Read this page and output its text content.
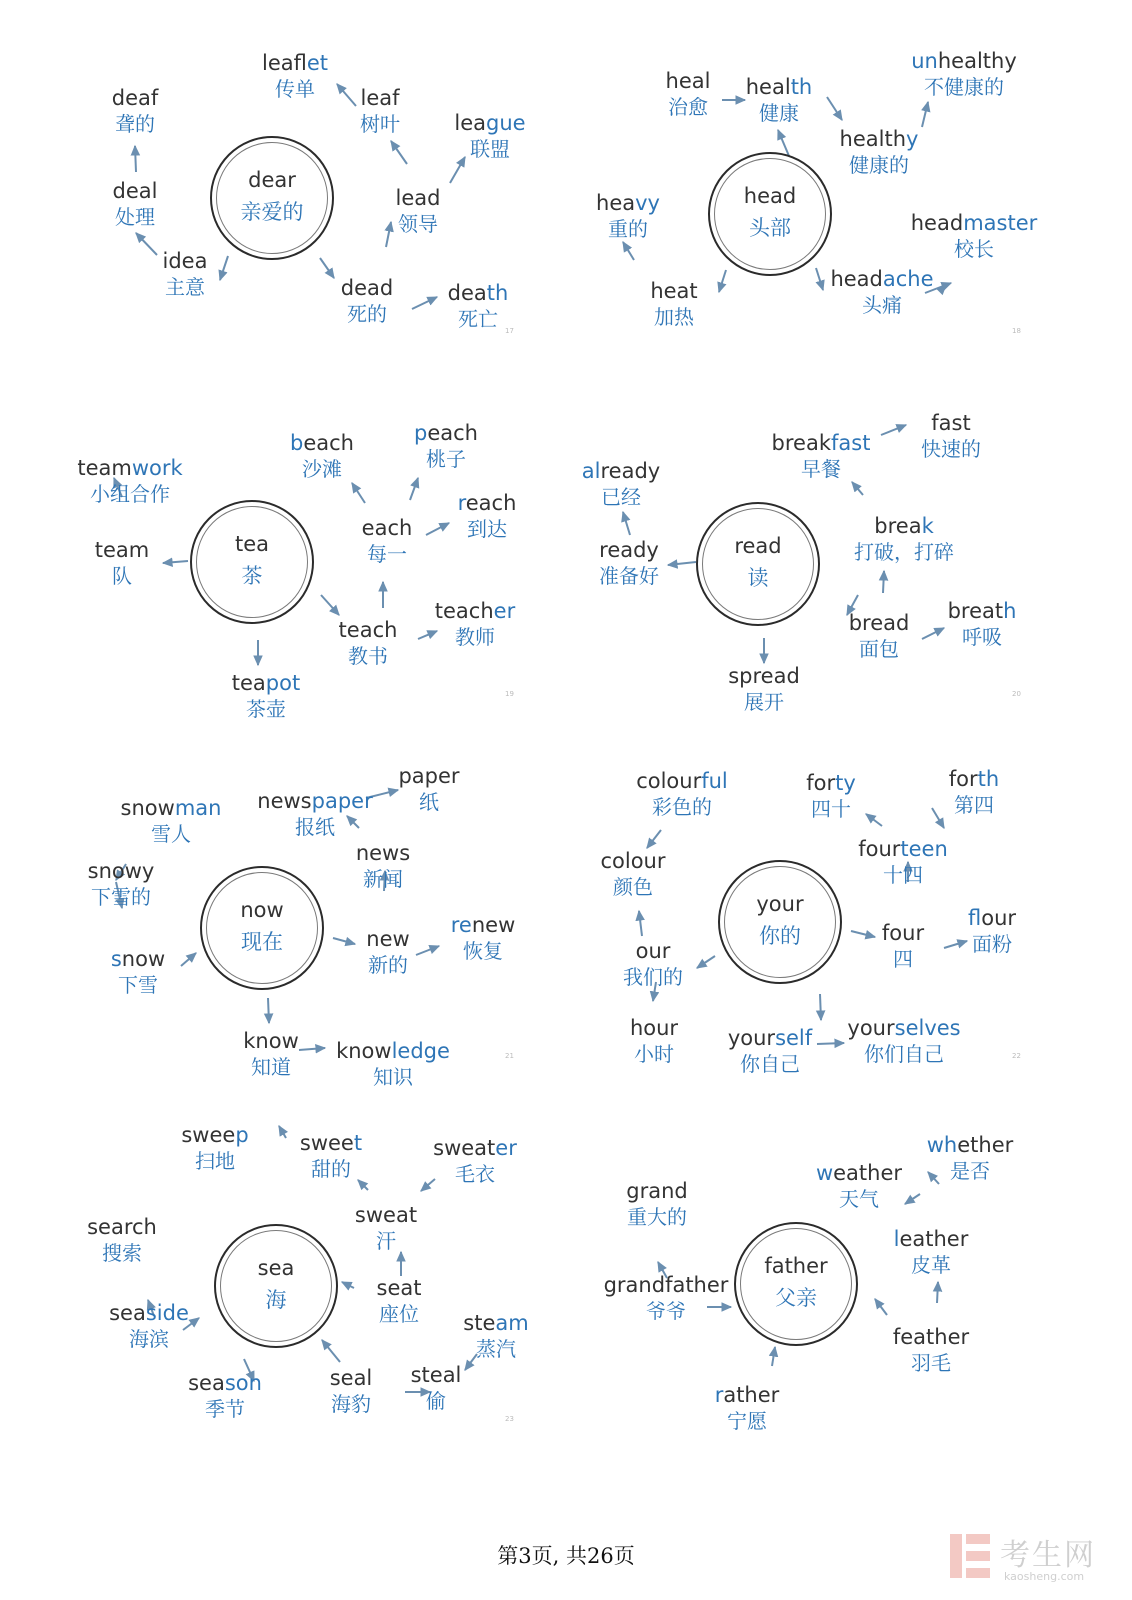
dear
亲爱的
deaf
聋的
leaflet
传单	leaf
树叶	league
联盟
deal
处理
lead
领导
idea
主意	dead
死的
death
死亡	17
head
头部
heal
治愈
health
健康
unhealthy
不健康的
healthy
健康的
heavy
重的	headmaster
校长
heat
加热
headache
头痛
18
tea
茶
beach
沙滩
peach
桃子
teamwork
小组合作	reach
到达
each
每一
team
队
teacher
教师
teach
教书
teapot
茶壶
19
read
读
fast
快速的
breakfast
早餐
already
已经
break
打破，打碎
ready
准备好
bread
面包
breath
呼吸
spread
展开	20
now
现在
paper
纸
newspaper
报纸
snowman
雪人
news
新闻
snowy
下雪的
renew
恢复
new
新的
snow
下雪
know
知道
knowledge
知识
21
your
你的
colourful
彩色的
forty
四十
forth
第四
colour
颜色
fourteen
十四
flour
面粉
four
四
our
我们的
hour
小时
yourself
你自己
yourselves
你们自己	22
sea
海
sweep
扫地
sweet
甜的
sweater
毛衣
search
搜索
sweat
汗
seat
座位
seaside
海滨
steam
蒸汽
season
季节
seal
海豹
steal
偷
23
father
父亲
whether
是否
weather
天气
grand
重大的
leather
皮革
grandfather
爷爷
feather
羽毛
rather
宁愿
第3页, 共26页	考生网
kaosheng.com
